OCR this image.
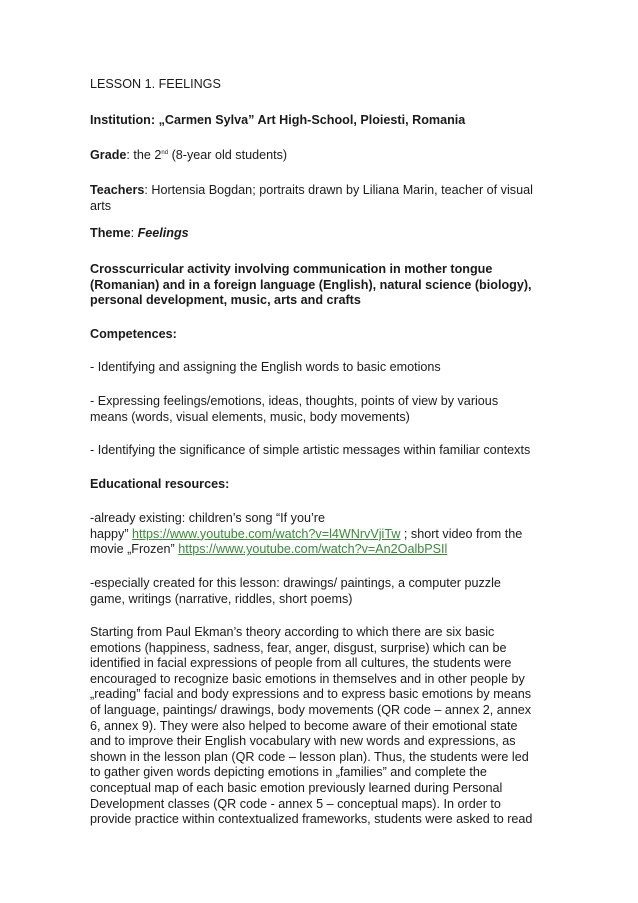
LESSON 1. FEELINGS

Institution: „Carmen Sylva” Art High-School, Ploiesti, Romania

Grade: the 2nd (8-year old students)

Teachers: Hortensia Bogdan; portraits drawn by Liliana Marin, teacher of visual
arts

Theme: Feelings

Crosscurricular activity involving communication in mother tongue
(Romanian) and in a foreign language (English), natural science (biology),
personal development, music, arts and crafts

Competences:

- Identifying and assigning the English words to basic emotions

- Expressing feelings/emotions, ideas, thoughts, points of view by various
means (words, visual elements, music, body movements)

- Identifying the significance of simple artistic messages within familiar contexts

Educational resources:

-already existing: children’s song “If you’re
happy” https://www.youtube.com/watch?v=l4WNrvVjiTw ; short video from the
movie „Frozen” https://www.youtube.com/watch?v=An2OalbPSIl

-especially created for this lesson: drawings/ paintings, a computer puzzle
game, writings (narrative, riddles, short poems)

Starting from Paul Ekman’s theory according to which there are six basic
emotions (happiness, sadness, fear, anger, disgust, surprise) which can be
identified in facial expressions of people from all cultures, the students were
encouraged to recognize basic emotions in themselves and in other people by
„reading” facial and body expressions and to express basic emotions by means
of language, paintings/ drawings, body movements (QR code – annex 2, annex
6, annex 9). They were also helped to become aware of their emotional state
and to improve their English vocabulary with new words and expressions, as
shown in the lesson plan (QR code – lesson plan). Thus, the students were led
to gather given words depicting emotions in „families” and complete the
conceptual map of each basic emotion previously learned during Personal
Development classes (QR code - annex 5 – conceptual maps). In order to
provide practice within contextualized frameworks, students were asked to read
